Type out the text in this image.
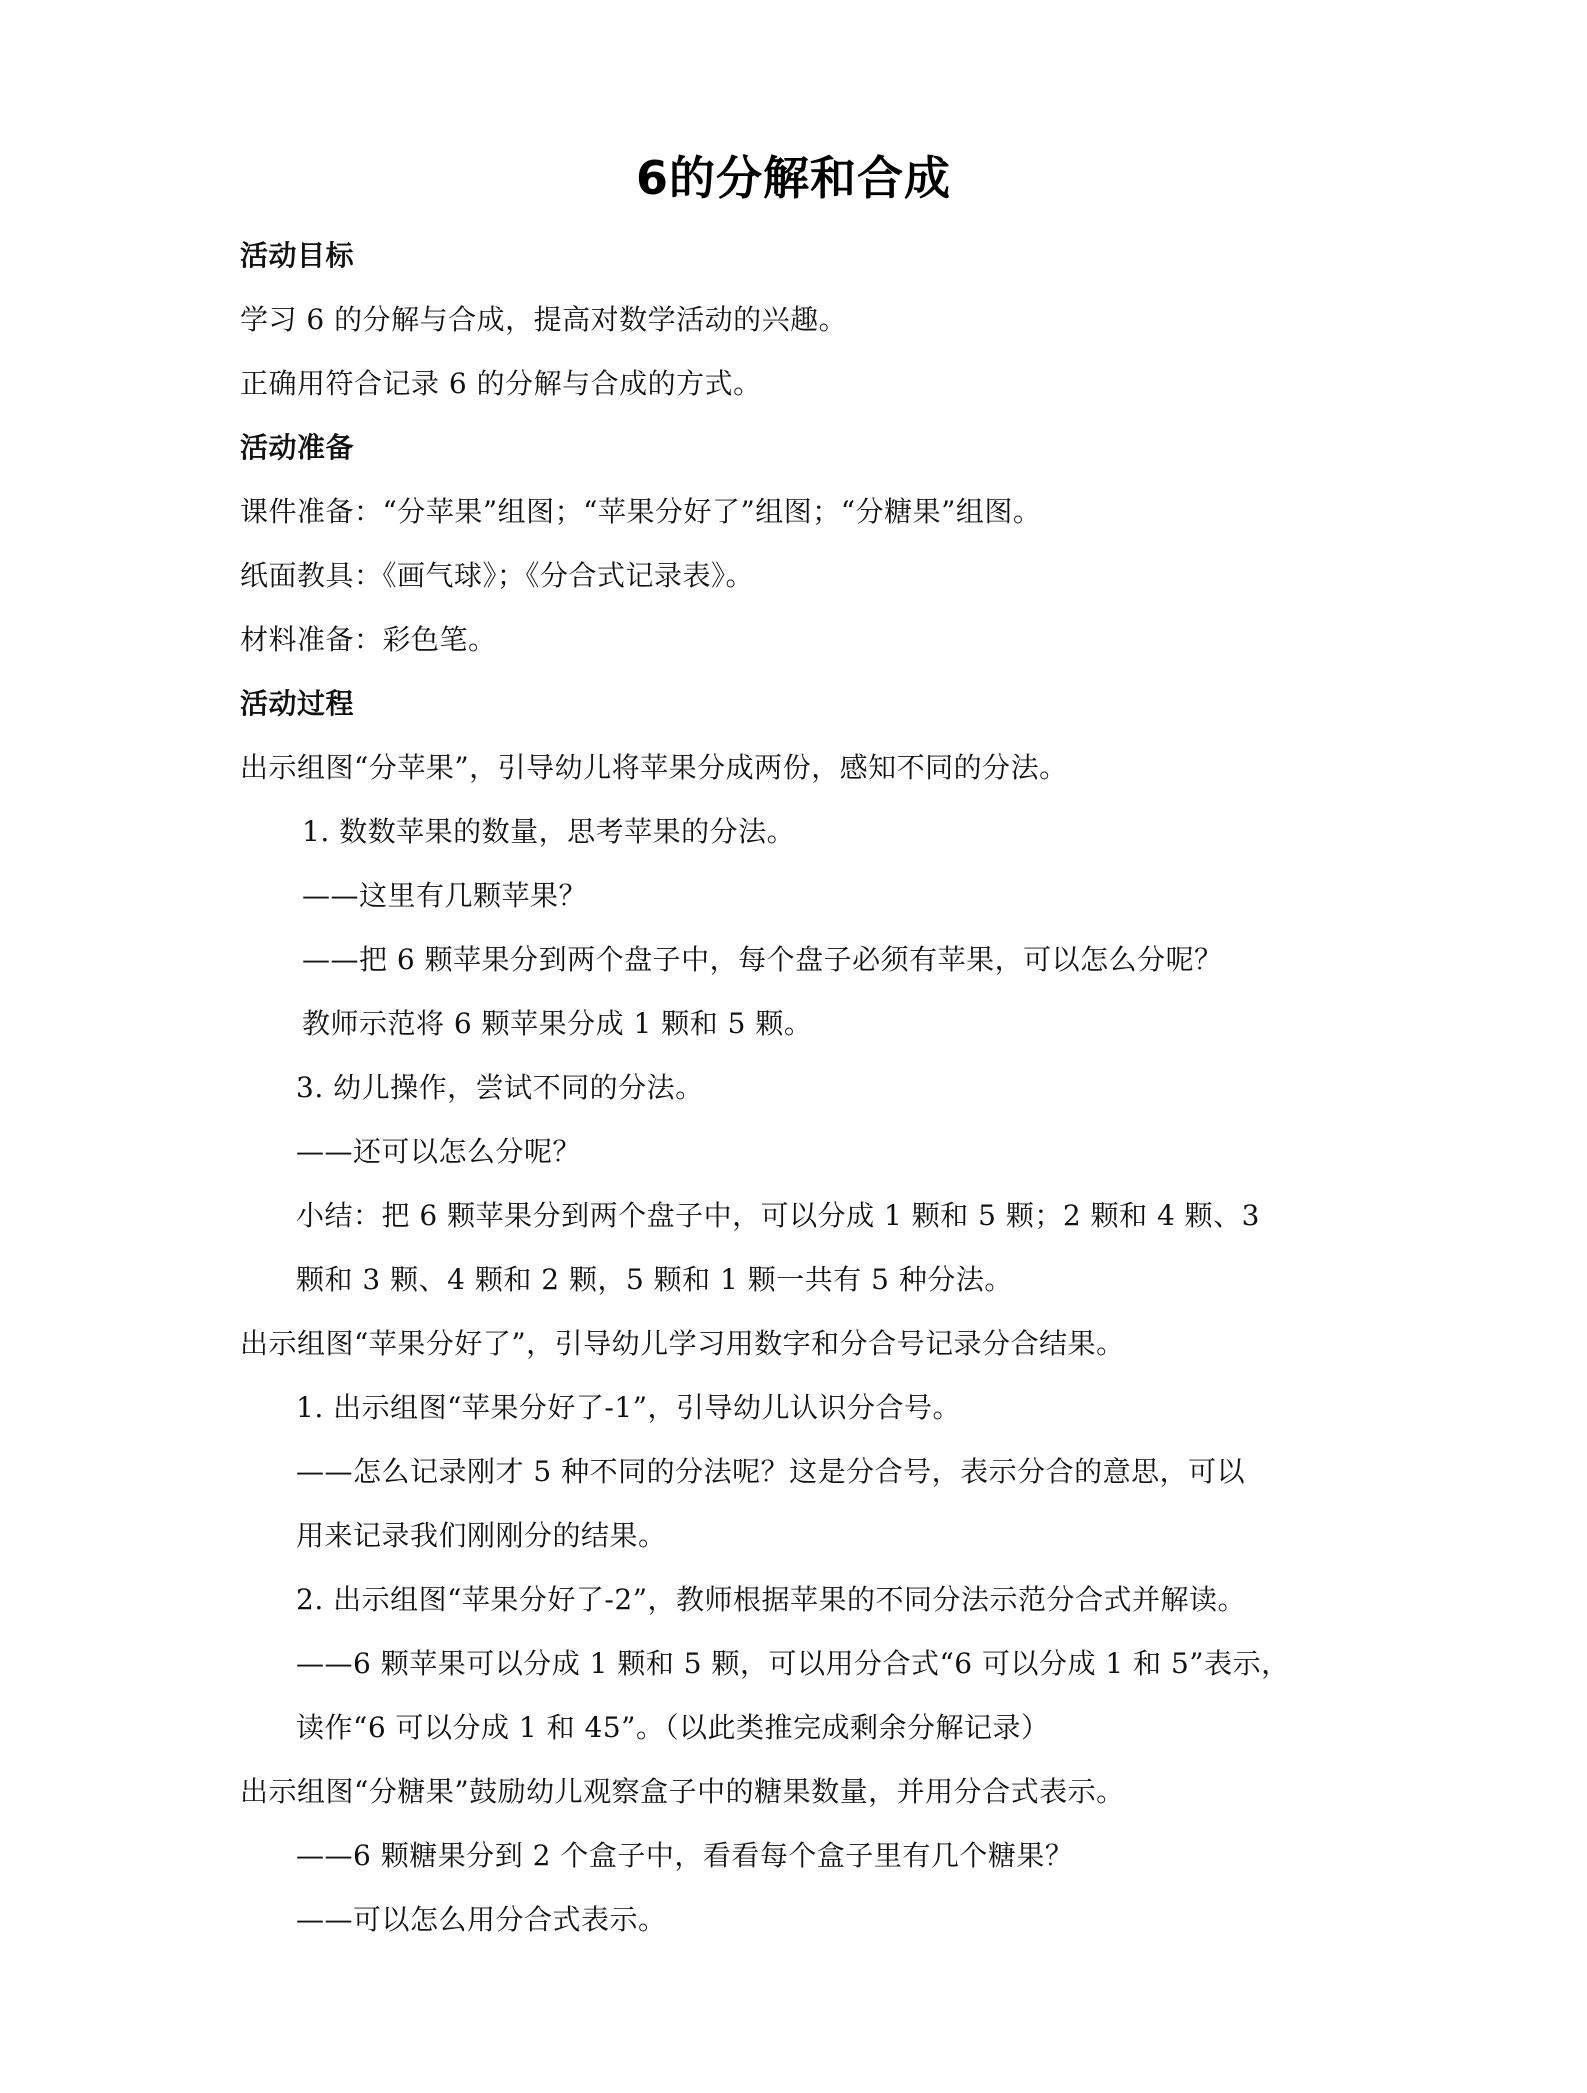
6的分解和合成
活动目标
学习 6 的分解与合成，提高对数学活动的兴趣。
正确用符合记录 6 的分解与合成的方式。
活动准备
课件准备：“分苹果”组图；“苹果分好了”组图；“分糖果”组图。
纸面教具：《画气球》；《分合式记录表》。
材料准备：彩色笔。
活动过程
出示组图“分苹果”，引导幼儿将苹果分成两份，感知不同的分法。
1. 数数苹果的数量，思考苹果的分法。
——这里有几颗苹果？
——把 6 颗苹果分到两个盘子中，每个盘子必须有苹果，可以怎么分呢？
教师示范将 6 颗苹果分成 1 颗和 5 颗。
3. 幼儿操作，尝试不同的分法。
——还可以怎么分呢？
小结：把 6 颗苹果分到两个盘子中，可以分成 1 颗和 5 颗；2 颗和 4 颗、3
颗和 3 颗、4 颗和 2 颗，5 颗和 1 颗一共有 5 种分法。
出示组图“苹果分好了”，引导幼儿学习用数字和分合号记录分合结果。
1. 出示组图“苹果分好了-1”，引导幼儿认识分合号。
——怎么记录刚才 5 种不同的分法呢？这是分合号，表示分合的意思，可以
用来记录我们刚刚分的结果。
2. 出示组图“苹果分好了-2”，教师根据苹果的不同分法示范分合式并解读。
——6 颗苹果可以分成 1 颗和 5 颗，可以用分合式“6 可以分成 1 和 5”表示，
读作“6 可以分成 1 和 45”。（以此类推完成剩余分解记录）
出示组图“分糖果”鼓励幼儿观察盒子中的糖果数量，并用分合式表示。
——6 颗糖果分到 2 个盒子中，看看每个盒子里有几个糖果？
——可以怎么用分合式表示。
